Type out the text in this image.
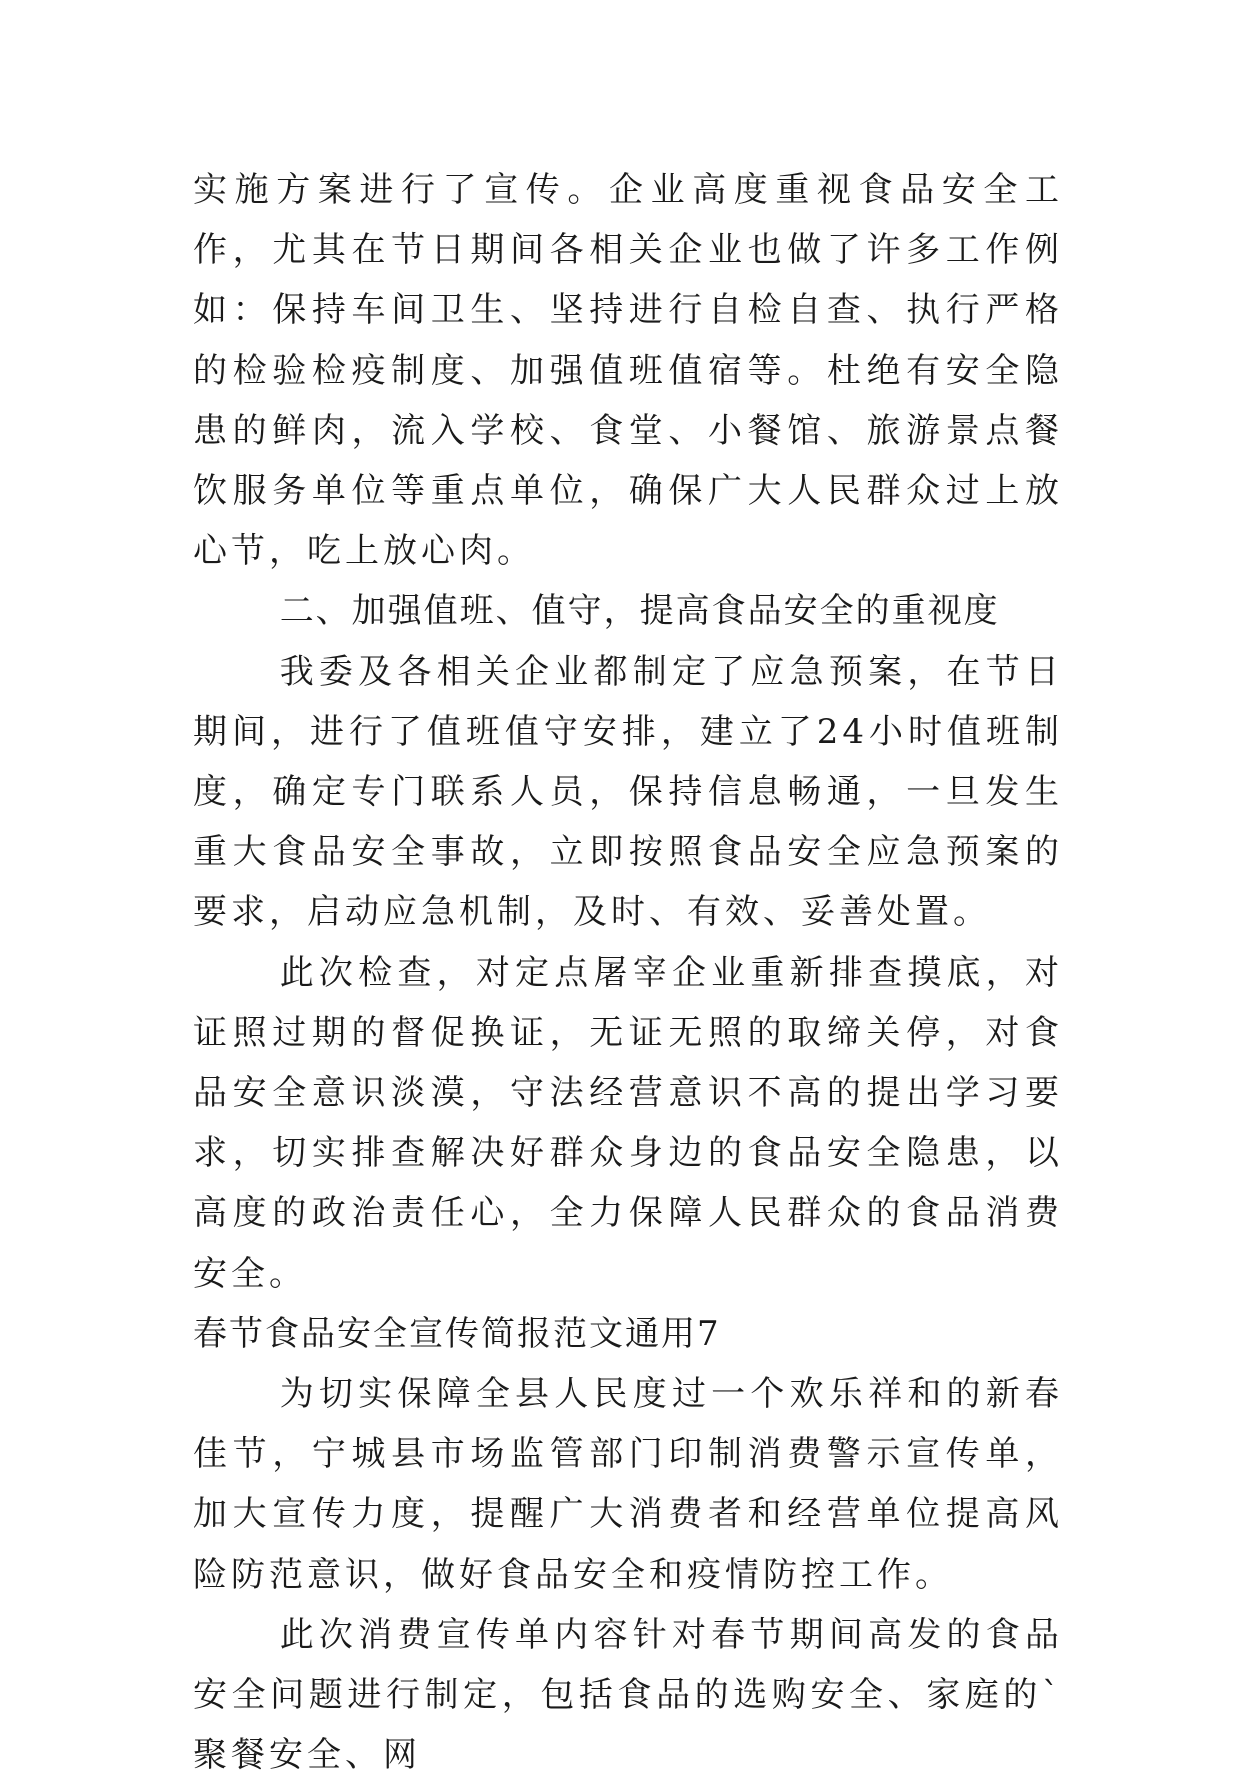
实施方案进行了宣传。企业高度重视食品安全工作，尤其在节日期间各相关企业也做了许多工作例如：保持车间卫生、坚持进行自检自查、执行严格的检验检疫制度、加强值班值宿等。杜绝有安全隐患的鲜肉，流入学校、食堂、小餐馆、旅游景点餐饮服务单位等重点单位，确保广大人民群众过上放心节，吃上放心肉。

二、加强值班、值守，提高食品安全的重视度

我委及各相关企业都制定了应急预案，在节日期间，进行了值班值守安排，建立了24小时值班制度，确定专门联系人员，保持信息畅通，一旦发生重大食品安全事故，立即按照食品安全应急预案的要求，启动应急机制，及时、有效、妥善处置。

此次检查，对定点屠宰企业重新排查摸底，对证照过期的督促换证，无证无照的取缔关停，对食品安全意识淡漠，守法经营意识不高的提出学习要求，切实排查解决好群众身边的食品安全隐患，以高度的政治责任心，全力保障人民群众的食品消费安全。

春节食品安全宣传简报范文通用7

为切实保障全县人民度过一个欢乐祥和的新春佳节，宁城县市场监管部门印制消费警示宣传单，加大宣传力度，提醒广大消费者和经营单位提高风险防范意识，做好食品安全和疫情防控工作。

此次消费宣传单内容针对春节期间高发的食品安全问题进行制定，包括食品的选购安全、家庭的`聚餐安全、网
